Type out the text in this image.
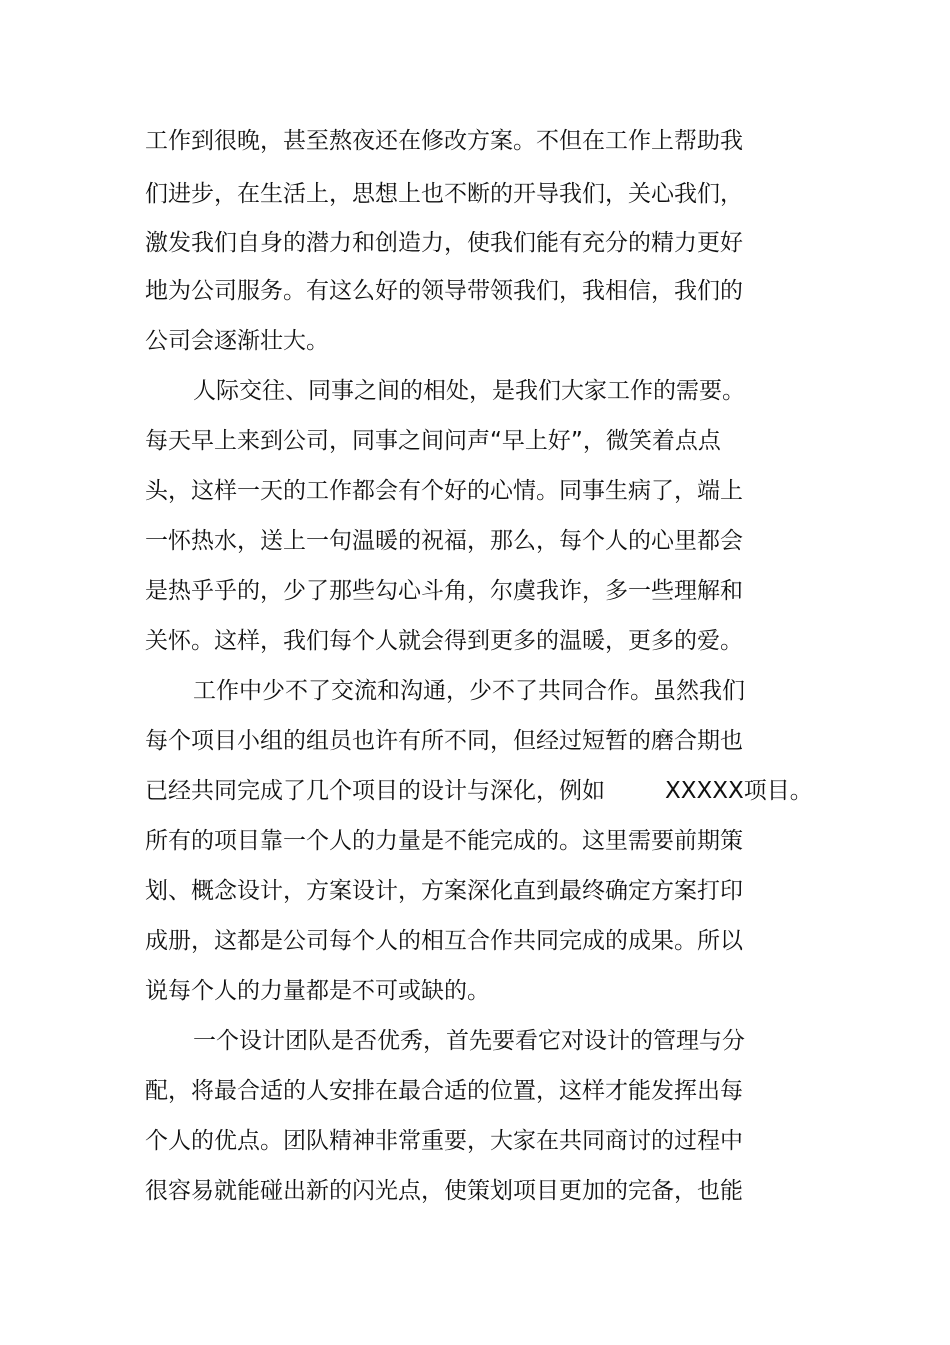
工作到很晚，甚至熬夜还在修改方案。不但在工作上帮助我
们进步，在生活上，思想上也不断的开导我们，关心我们，
激发我们自身的潜力和创造力，使我们能有充分的精力更好
地为公司服务。有这么好的领导带领我们，我相信，我们的
公司会逐渐壮大。
人际交往、同事之间的相处，是我们大家工作的需要。
每天早上来到公司，同事之间问声“早上好”，微笑着点点
头，这样一天的工作都会有个好的心情。同事生病了，端上
一怀热水，送上一句温暖的祝福，那么，每个人的心里都会
是热乎乎的，少了那些勾心斗角，尔虞我诈，多一些理解和
关怀。这样，我们每个人就会得到更多的温暖，更多的爱。
工作中少不了交流和沟通，少不了共同合作。虽然我们
每个项目小组的组员也许有所不同，但经过短暂的磨合期也
已经共同完成了几个项目的设计与深化，例如	XXXXX项目。
所有的项目靠一个人的力量是不能完成的。这里需要前期策
划、概念设计，方案设计，方案深化直到最终确定方案打印
成册，这都是公司每个人的相互合作共同完成的成果。所以
说每个人的力量都是不可或缺的。
一个设计团队是否优秀，首先要看它对设计的管理与分
配，将最合适的人安排在最合适的位置，这样才能发挥出每
个人的优点。团队精神非常重要，大家在共同商讨的过程中
很容易就能碰出新的闪光点，使策划项目更加的完备，也能
